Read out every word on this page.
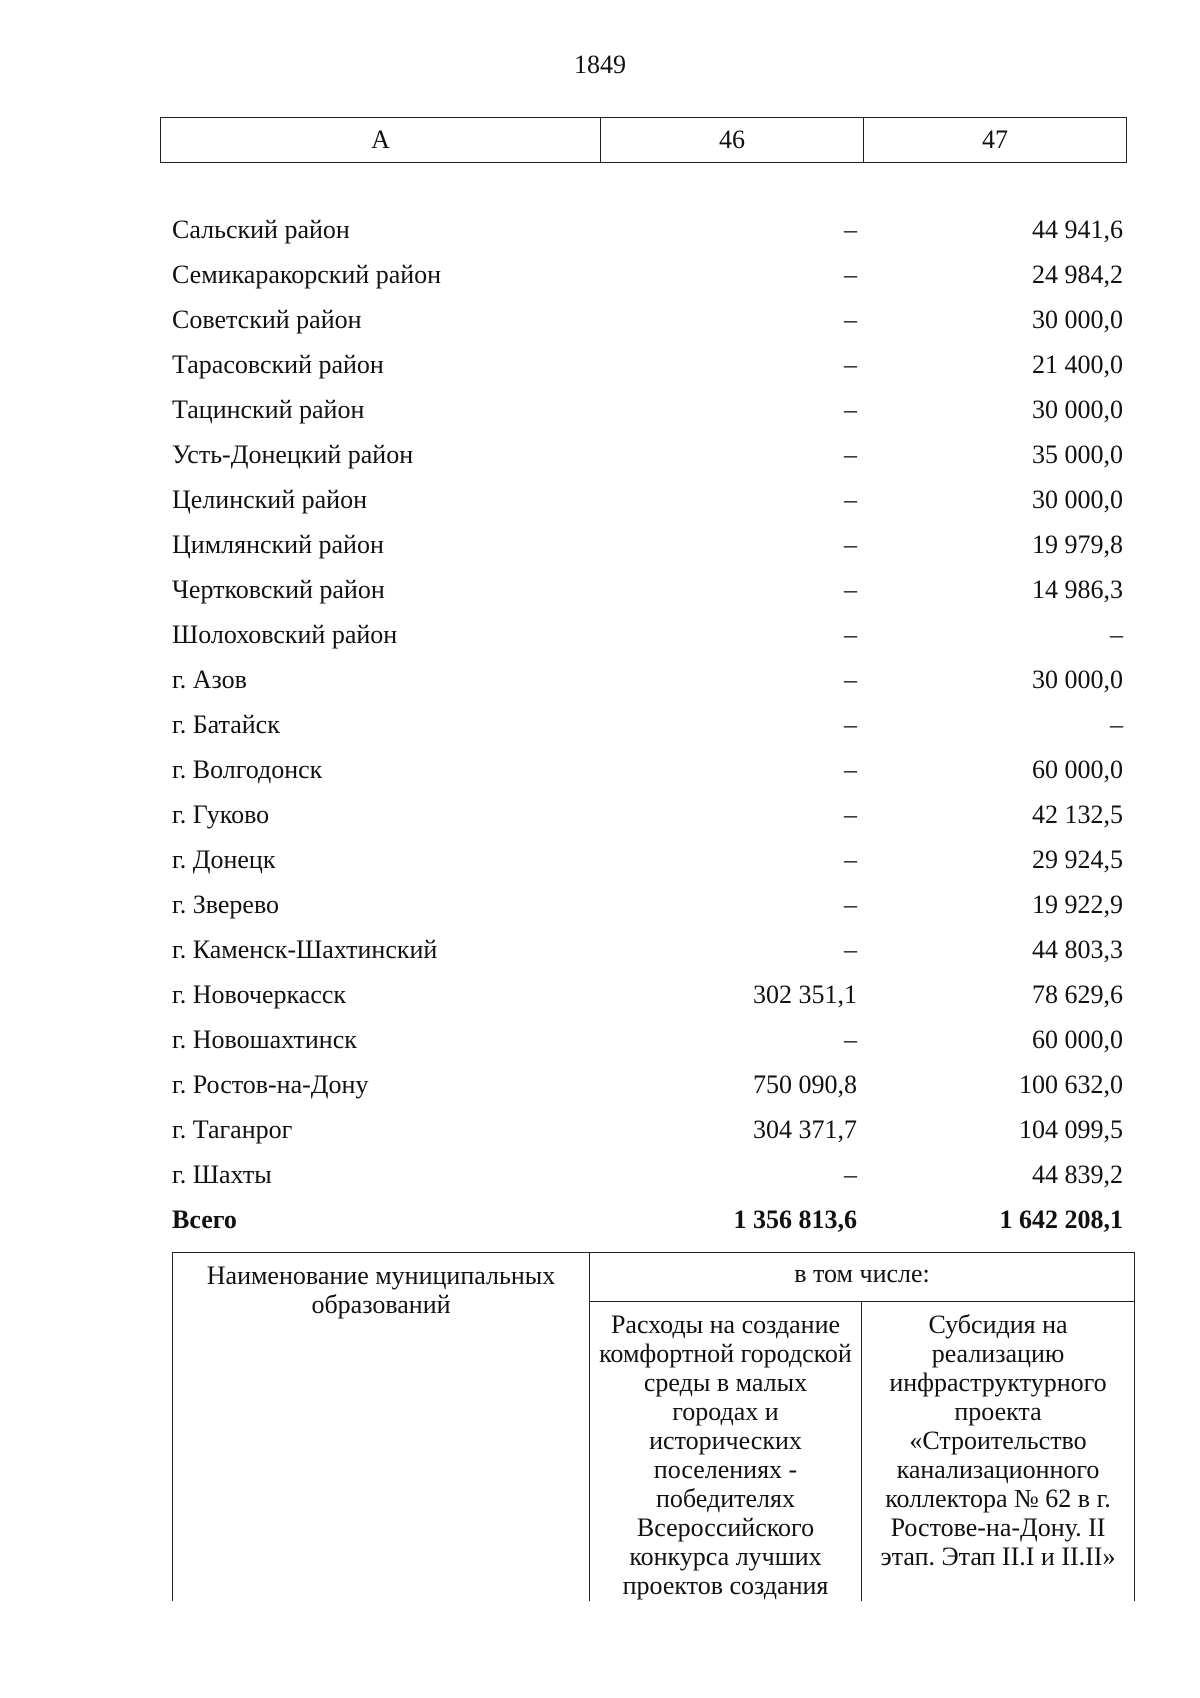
1849
А	46	47
Сальский район	–	44 941,6
Семикаракорский район	–	24 984,2
Советский район	–	30 000,0
Тарасовский район	–	21 400,0
Тацинский район	–	30 000,0
Усть-Донецкий район	–	35 000,0
Целинский район	–	30 000,0
Цимлянский район	–	19 979,8
Чертковский район	–	14 986,3
Шолоховский район	–	–
г. Азов	–	30 000,0
г. Батайск	–	–
г. Волгодонск	–	60 000,0
г. Гуково	–	42 132,5
г. Донецк	–	29 924,5
г. Зверево	–	19 922,9
г. Каменск-Шахтинский	–	44 803,3
г. Новочеркасск	302 351,1	78 629,6
г. Новошахтинск	–	60 000,0
г. Ростов-на-Дону	750 090,8	100 632,0
г. Таганрог	304 371,7	104 099,5
г. Шахты	–	44 839,2
Всего	1 356 813,6	1 642 208,1
Наименование муниципальных образований	в том числе:	

	Расходы на создание комфортной городской среды в малых городах и исторических поселениях - победителях Всероссийского конкурса лучших проектов создания	Субсидия на реализацию инфраструктурного проекта «Строительство канализационного коллектора № 62 в г. Ростове-на-Дону. II этап. Этап II.I и II.II»
